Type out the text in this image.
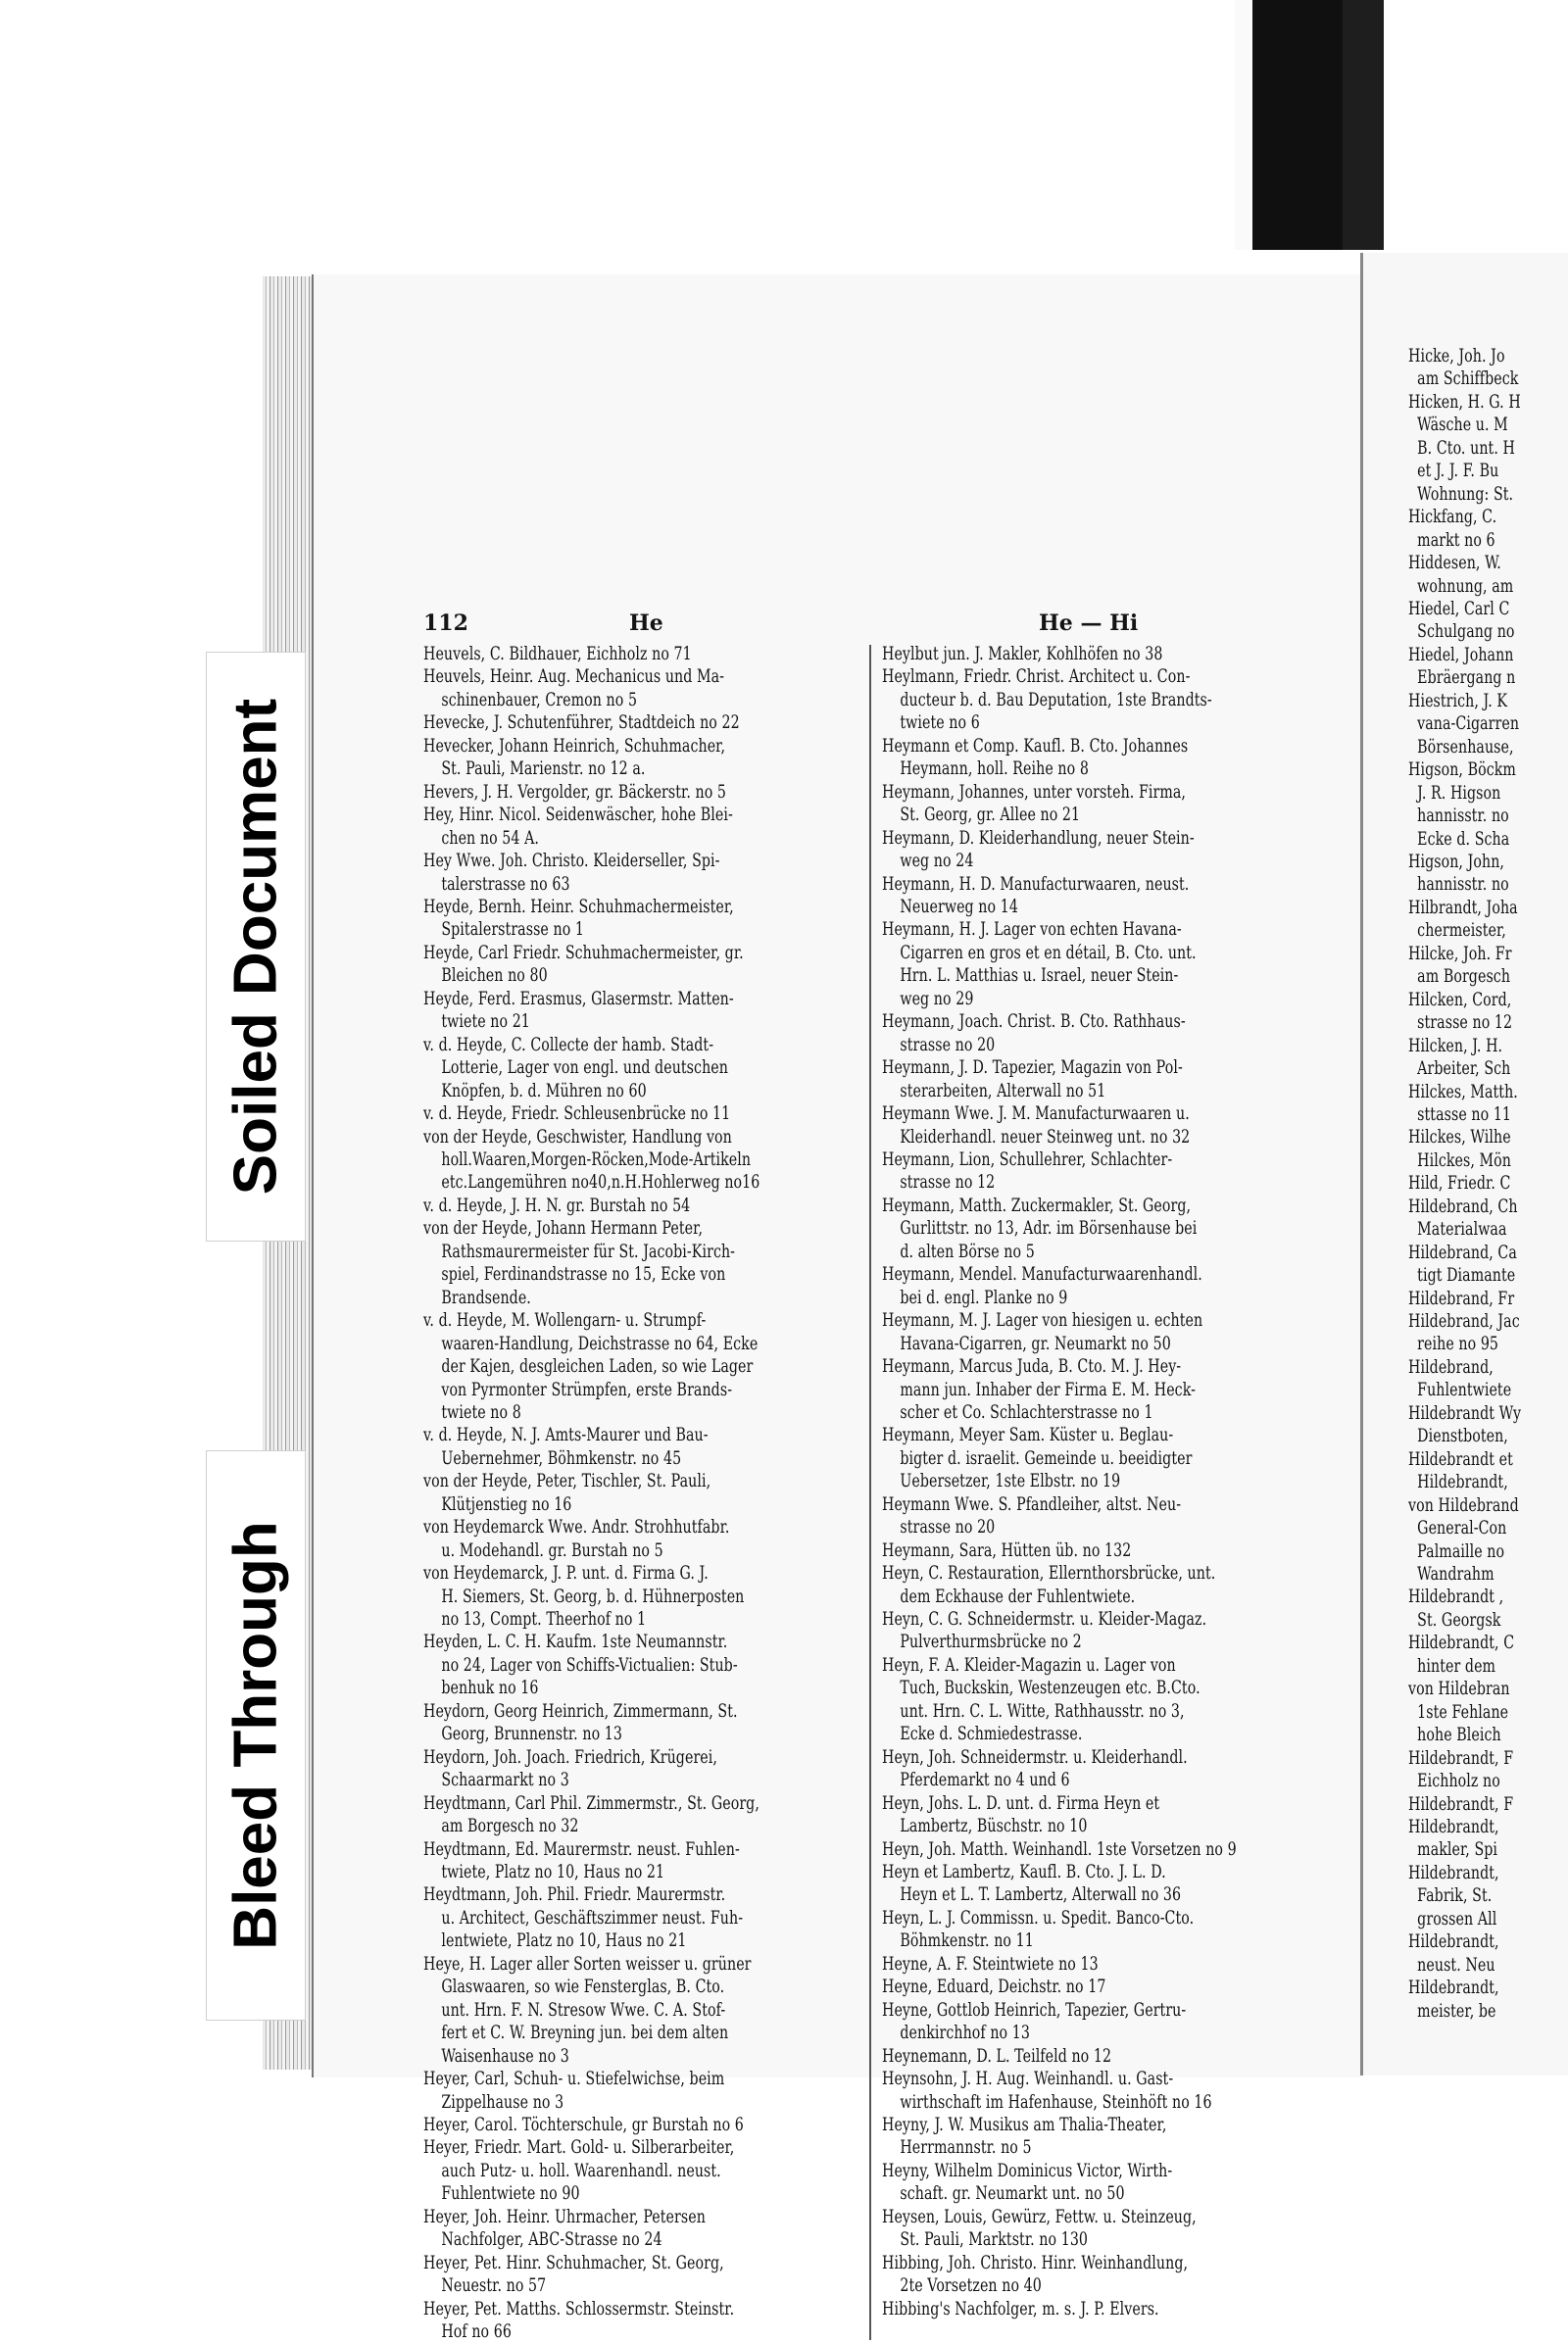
112	He	He — Hi
Heuvels, C. Bildhauer, Eichholz no 71
Heuvels, Heinr. Aug. Mechanicus und Ma-
schinenbauer, Cremon no 5
Hevecke, J. Schutenführer, Stadtdeich no 22
Hevecker, Johann Heinrich, Schuhmacher,
St. Pauli, Marienstr. no 12 a.
Hevers, J. H. Vergolder, gr. Bäckerstr. no 5
Hey, Hinr. Nicol. Seidenwäscher, hohe Blei-
chen no 54 A.
Hey Wwe. Joh. Christo. Kleiderseller, Spi-
talerstrasse no 63
Heyde, Bernh. Heinr. Schuhmachermeister,
Spitalerstrasse no 1
Heyde, Carl Friedr. Schuhmachermeister, gr.
Bleichen no 80
Heyde, Ferd. Erasmus, Glasermstr. Matten-
twiete no 21
v. d. Heyde, C. Collecte der hamb. Stadt-
Lotterie, Lager von engl. und deutschen
Knöpfen, b. d. Mühren no 60
v. d. Heyde, Friedr. Schleusenbrücke no 11
von der Heyde, Geschwister, Handlung von
holl.Waaren,Morgen-Röcken,Mode-Artikeln
etc.Langemühren no40,n.H.Hohlerweg no16
v. d. Heyde, J. H. N. gr. Burstah no 54
von der Heyde, Johann Hermann Peter,
Rathsmaurermeister für St. Jacobi-Kirch-
spiel, Ferdinandstrasse no 15, Ecke von
Brandsende.
v. d. Heyde, M. Wollengarn- u. Strumpf-
waaren-Handlung, Deichstrasse no 64, Ecke
der Kajen, desgleichen Laden, so wie Lager
von Pyrmonter Strümpfen, erste Brands-
twiete no 8
v. d. Heyde, N. J. Amts-Maurer und Bau-
Uebernehmer, Böhmkenstr. no 45
von der Heyde, Peter, Tischler, St. Pauli,
Klütjenstieg no 16
von Heydemarck Wwe. Andr. Strohhutfabr.
u. Modehandl. gr. Burstah no 5
von Heydemarck, J. P. unt. d. Firma G. J.
H. Siemers, St. Georg, b. d. Hühnerposten
no 13, Compt. Theerhof no 1
Heyden, L. C. H. Kaufm. 1ste Neumannstr.
no 24, Lager von Schiffs-Victualien: Stub-
benhuk no 16
Heydorn, Georg Heinrich, Zimmermann, St.
Georg, Brunnenstr. no 13
Heydorn, Joh. Joach. Friedrich, Krügerei,
Schaarmarkt no 3
Heydtmann, Carl Phil. Zimmermstr., St. Georg,
am Borgesch no 32
Heydtmann, Ed. Maurermstr. neust. Fuhlen-
twiete, Platz no 10, Haus no 21
Heydtmann, Joh. Phil. Friedr. Maurermstr.
u. Architect, Geschäftszimmer neust. Fuh-
lentwiete, Platz no 10, Haus no 21
Heye, H. Lager aller Sorten weisser u. grüner
Glaswaaren, so wie Fensterglas, B. Cto.
unt. Hrn. F. N. Stresow Wwe. C. A. Stof-
fert et C. W. Breyning jun. bei dem alten
Waisenhause no 3
Heyer, Carl, Schuh- u. Stiefelwichse, beim
Zippelhause no 3
Heyer, Carol. Töchterschule, gr Burstah no 6
Heyer, Friedr. Mart. Gold- u. Silberarbeiter,
auch Putz- u. holl. Waarenhandl. neust.
Fuhlentwiete no 90
Heyer, Joh. Heinr. Uhrmacher, Petersen
Nachfolger, ABC-Strasse no 24
Heyer, Pet. Hinr. Schuhmacher, St. Georg,
Neuestr. no 57
Heyer, Pet. Matths. Schlossermstr. Steinstr.
Hof no 66
Heylbut jun. J. Makler, Kohlhöfen no 38
Heylmann, Friedr. Christ. Architect u. Con-
ducteur b. d. Bau Deputation, 1ste Brandts-
twiete no 6
Heymann et Comp. Kaufl. B. Cto. Johannes
Heymann, holl. Reihe no 8
Heymann, Johannes, unter vorsteh. Firma,
St. Georg, gr. Allee no 21
Heymann, D. Kleiderhandlung, neuer Stein-
weg no 24
Heymann, H. D. Manufacturwaaren, neust.
Neuerweg no 14
Heymann, H. J. Lager von echten Havana-
Cigarren en gros et en détail, B. Cto. unt.
Hrn. L. Matthias u. Israel, neuer Stein-
weg no 29
Heymann, Joach. Christ. B. Cto. Rathhaus-
strasse no 20
Heymann, J. D. Tapezier, Magazin von Pol-
sterarbeiten, Alterwall no 51
Heymann Wwe. J. M. Manufacturwaaren u.
Kleiderhandl. neuer Steinweg unt. no 32
Heymann, Lion, Schullehrer, Schlachter-
strasse no 12
Heymann, Matth. Zuckermakler, St. Georg,
Gurlittstr. no 13, Adr. im Börsenhause bei
d. alten Börse no 5
Heymann, Mendel. Manufacturwaarenhandl.
bei d. engl. Planke no 9
Heymann, M. J. Lager von hiesigen u. echten
Havana-Cigarren, gr. Neumarkt no 50
Heymann, Marcus Juda, B. Cto. M. J. Hey-
mann jun. Inhaber der Firma E. M. Heck-
scher et Co. Schlachterstrasse no 1
Heymann, Meyer Sam. Küster u. Beglau-
bigter d. israelit. Gemeinde u. beeidigter
Uebersetzer, 1ste Elbstr. no 19
Heymann Wwe. S. Pfandleiher, altst. Neu-
strasse no 20
Heymann, Sara, Hütten üb. no 132
Heyn, C. Restauration, Ellernthorsbrücke, unt.
dem Eckhause der Fuhlentwiete.
Heyn, C. G. Schneidermstr. u. Kleider-Magaz.
Pulverthurmsbrücke no 2
Heyn, F. A. Kleider-Magazin u. Lager von
Tuch, Buckskin, Westenzeugen etc. B.Cto.
unt. Hrn. C. L. Witte, Rathhausstr. no 3,
Ecke d. Schmiedestrasse.
Heyn, Joh. Schneidermstr. u. Kleiderhandl.
Pferdemarkt no 4 und 6
Heyn, Johs. L. D. unt. d. Firma Heyn et
Lambertz, Büschstr. no 10
Heyn, Joh. Matth. Weinhandl. 1ste Vorsetzen no 9
Heyn et Lambertz, Kaufl. B. Cto. J. L. D.
Heyn et L. T. Lambertz, Alterwall no 36
Heyn, L. J. Commissn. u. Spedit. Banco-Cto.
Böhmkenstr. no 11
Heyne, A. F. Steintwiete no 13
Heyne, Eduard, Deichstr. no 17
Heyne, Gottlob Heinrich, Tapezier, Gertru-
denkirchhof no 13
Heynemann, D. L. Teilfeld no 12
Heynsohn, J. H. Aug. Weinhandl. u. Gast-
wirthschaft im Hafenhause, Steinhöft no 16
Heyny, J. W. Musikus am Thalia-Theater,
Herrmannstr. no 5
Heyny, Wilhelm Dominicus Victor, Wirth-
schaft. gr. Neumarkt unt. no 50
Heysen, Louis, Gewürz, Fettw. u. Steinzeug,
St. Pauli, Marktstr. no 130
Hibbing, Joh. Christo. Hinr. Weinhandlung,
2te Vorsetzen no 40
Hibbing's Nachfolger, m. s. J. P. Elvers.
Hicke, Joh. Jo
am Schiffbeck
Hicken, H. G. H
Wäsche u. M
B. Cto. unt. H
et J. J. F. Bu
Wohnung: St.
Hickfang, C.
markt no 6
Hiddesen, W.
wohnung, am
Hiedel, Carl C
Schulgang no
Hiedel, Johann
Ebräergang n
Hiestrich, J. K
vana-Cigarren
Börsenhause,
Higson, Böckm
J. R. Higson
hannisstr. no
Ecke d. Scha
Higson, John,
hannisstr. no
Hilbrandt, Joha
chermeister,
Hilcke, Joh. Fr
am Borgesch
Hilcken, Cord,
strasse no 12
Hilcken, J. H.
Arbeiter, Sch
Hilckes, Matth.
sttasse no 11
Hilckes, Wilhe
Hilckes, Mön
Hild, Friedr. C
Hildebrand, Ch
Materialwaa
Hildebrand, Ca
tigt Diamante
Hildebrand, Fr
Hildebrand, Jac
reihe no 95
Hildebrand,
Fuhlentwiete
Hildebrandt Wy
Dienstboten,
Hildebrandt et
Hildebrandt,
von Hildebrand
General-Con
Palmaille no
Wandrahm
Hildebrandt ,
St. Georgsk
Hildebrandt, C
hinter dem
von Hildebran
1ste Fehlane
hohe Bleich
Hildebrandt, F
Eichholz no
Hildebrandt, F
Hildebrandt,
makler, Spi
Hildebrandt,
Fabrik, St.
grossen All
Hildebrandt,
neust. Neu
Hildebrandt,
meister, be
Soiled Document
Bleed Through
